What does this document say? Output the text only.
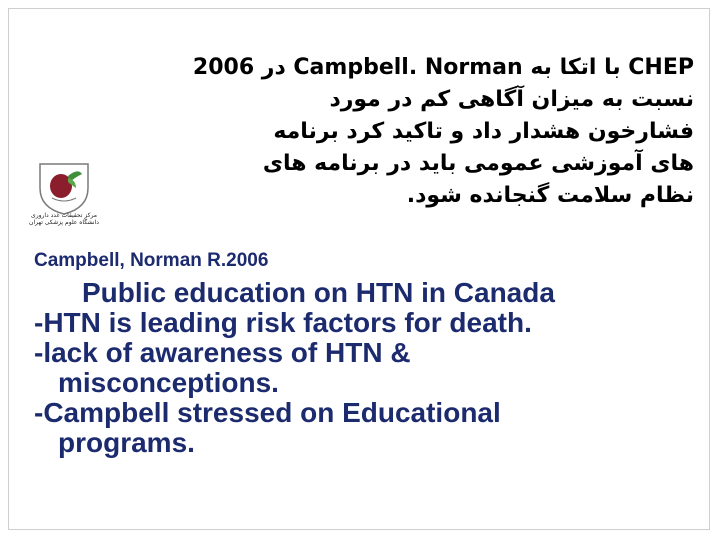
CHEP با اتکا به Campbell. Norman در 2006
نسبت به میزان آگاهی کم در مورد
فشارخون هشدار داد و تاکید کرد برنامه
های آموزشی عمومی باید در برنامه های
نظام سلامت گنجانده شود.
مرکز تحقیقات غدد داروری
دانشگاه علوم پزشکی تهران
Campbell, Norman R.2006
Public education on HTN in Canada
-HTN is leading risk factors for death.
-lack of awareness of HTN &
misconceptions.
-Campbell stressed on Educational
programs.
